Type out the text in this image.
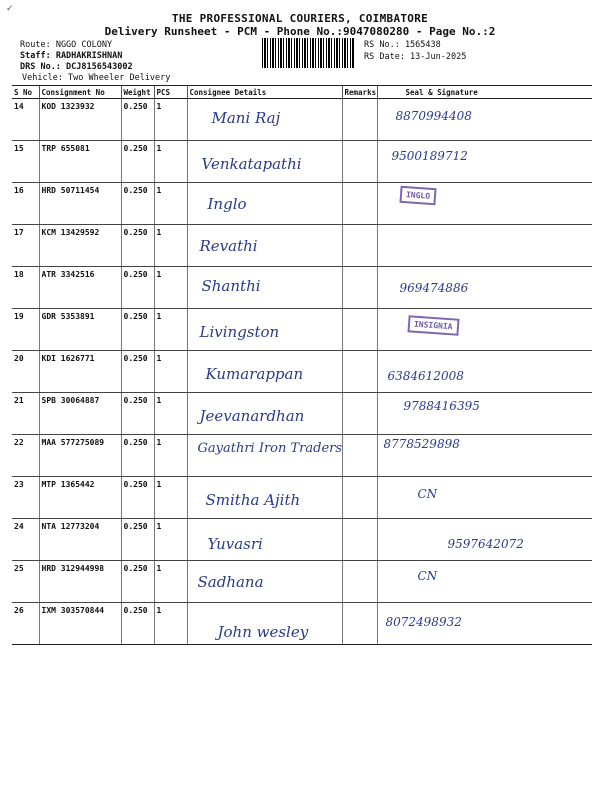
✓
THE PROFESSIONAL COURIERS, COIMBATORE
Delivery Runsheet - PCM - Phone No.:9047080280 - Page No.:2
Route: NGGO COLONY
Staff: RADHAKRISHNAN
DRS No.: DCJ8156543002
Vehicle: Two Wheeler Delivery
RS No.: 1565438
RS Date: 13-Jun-2025
S No	Consignment No	Weight	PCS	Consignee Details	Remarks	Seal & Signature
14	KOD 1323932	0.250	1	Mani Raj		8870994408

15	TRP 655081	0.250	1	Venkatapathi		9500189712

16	HRD 50711454	0.250	1	Inglo		INGLO

17	KCM 13429592	0.250	1	Revathi		

18	ATR 3342516	0.250	1	Shanthi		969474886

19	GDR 5353891	0.250	1	Livingston		INSIGNIA

20	KDI 1626771	0.250	1	Kumarappan		6384612008

21	SPB 30064887	0.250	1	Jeevanardhan		9788416395

22	MAA 577275089	0.250	1	Gayathri Iron Traders		8778529898

23	MTP 1365442	0.250	1	Smitha Ajith		CN

24	NTA 12773204	0.250	1	Yuvasri		9597642072

25	HRD 312944998	0.250	1	Sadhana		CN

26	IXM 303570844	0.250	1	John wesley		8072498932
